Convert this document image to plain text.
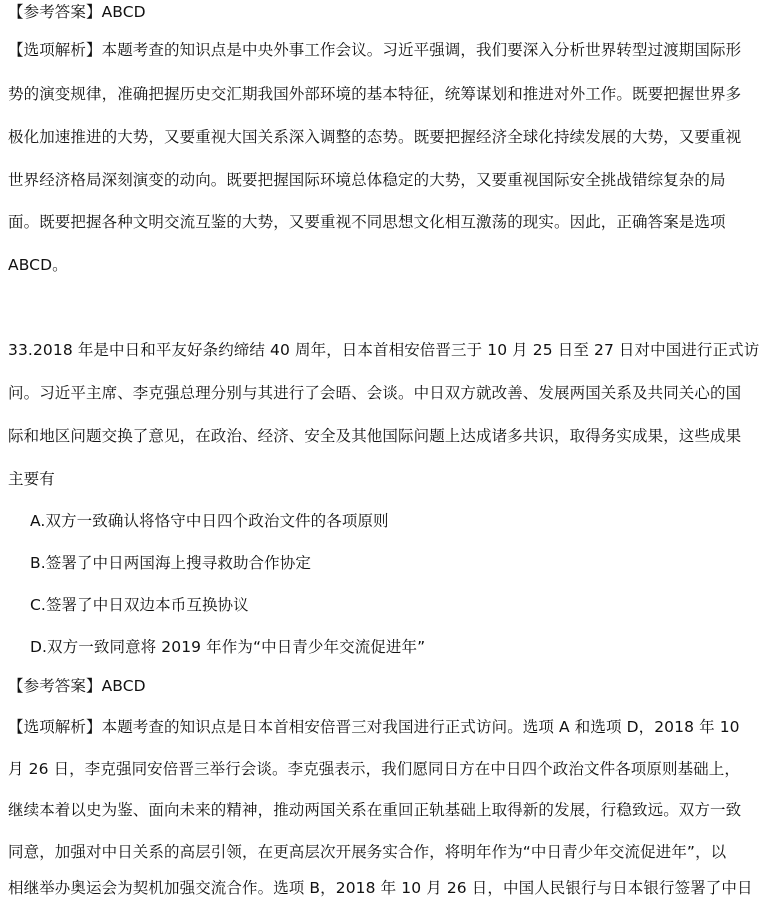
【参考答案】ABCD
【选项解析】本题考查的知识点是中央外事工作会议。习近平强调，我们要深入分析世界转型过渡期国际形
势的演变规律，准确把握历史交汇期我国外部环境的基本特征，统筹谋划和推进对外工作。既要把握世界多
极化加速推进的大势，又要重视大国关系深入调整的态势。既要把握经济全球化持续发展的大势，又要重视
世界经济格局深刻演变的动向。既要把握国际环境总体稳定的大势，又要重视国际安全挑战错综复杂的局
面。既要把握各种文明交流互鉴的大势，又要重视不同思想文化相互激荡的现实。因此，正确答案是选项
ABCD。
33.2018 年是中日和平友好条约缔结 40 周年，日本首相安倍晋三于 10 月 25 日至 27 日对中国进行正式访
问。习近平主席、李克强总理分别与其进行了会晤、会谈。中日双方就改善、发展两国关系及共同关心的国
际和地区问题交换了意见，在政治、经济、安全及其他国际问题上达成诸多共识，取得务实成果，这些成果
主要有
A.双方一致确认将恪守中日四个政治文件的各项原则
B.签署了中日两国海上搜寻救助合作协定
C.签署了中日双边本币互换协议
D.双方一致同意将 2019 年作为“中日青少年交流促进年”
【参考答案】ABCD
【选项解析】本题考查的知识点是日本首相安倍晋三对我国进行正式访问。选项 A 和选项 D，2018 年 10
月 26 日，李克强同安倍晋三举行会谈。李克强表示，我们愿同日方在中日四个政治文件各项原则基础上，
继续本着以史为鉴、面向未来的精神，推动两国关系在重回正轨基础上取得新的发展，行稳致远。双方一致
同意，加强对中日关系的高层引领，在更高层次开展务实合作，将明年作为“中日青少年交流促进年”，以
相继举办奥运会为契机加强交流合作。选项 B，2018 年 10 月 26 日，中国人民银行与日本银行签署了中日
